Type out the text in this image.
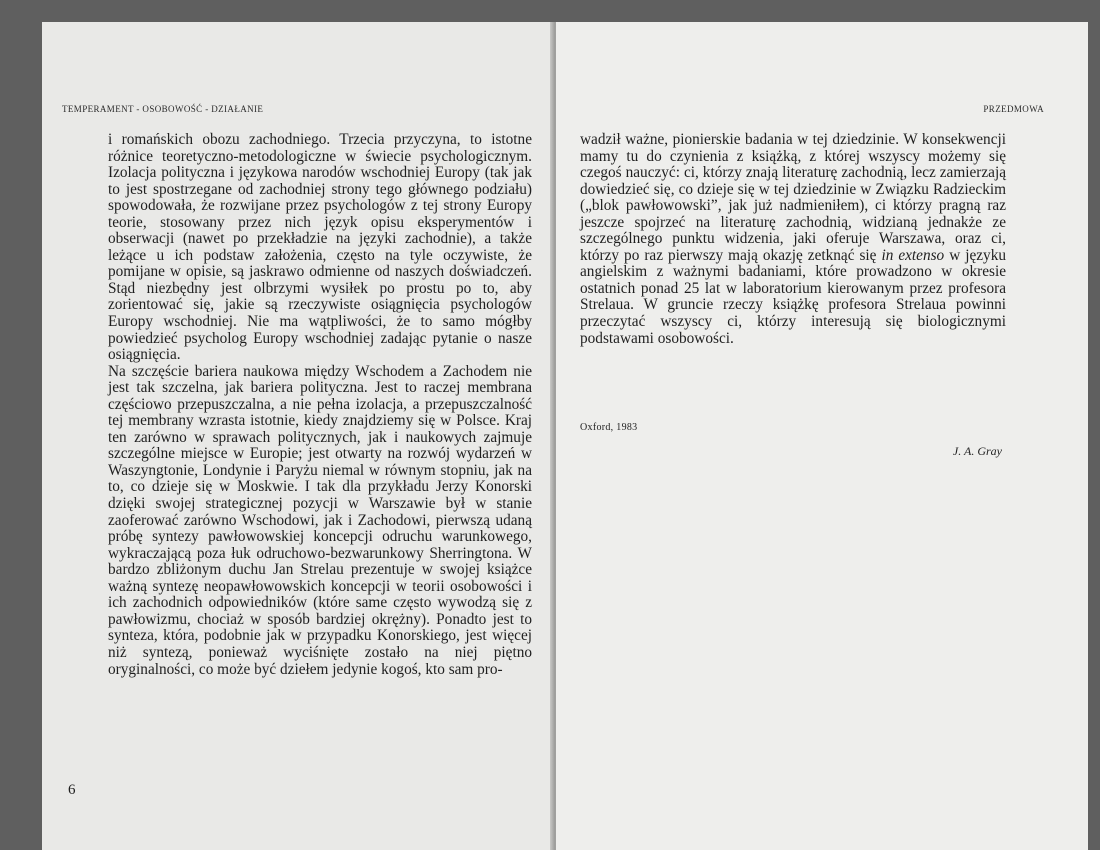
TEMPERAMENT - OSOBOWOŚĆ - DZIAŁANIE

i romańskich obozu zachodniego. Trzecia przyczyna, to istotne różnice teoretyczno-metodologiczne w świecie psychologicznym. Izolacja polityczna i językowa narodów wschodniej Europy (tak jak to jest spostrzegane od zachodniej strony tego głównego podziału) spowodowała, że rozwijane przez psychologów z tej strony Europy teorie, stosowany przez nich język opisu eksperymentów i obserwacji (nawet po przekładzie na języki zachodnie), a także leżące u ich podstaw założenia, często na tyle oczywiste, że pomijane w opisie, są jaskrawo odmienne od naszych doświadczeń. Stąd niezbędny jest olbrzymi wysiłek po prostu po to, aby zorientować się, jakie są rzeczywiste osiągnięcia psychologów Europy wschodniej. Nie ma wątpliwości, że to samo mógłby powiedzieć psycholog Europy wschodniej zadając pytanie o nasze osiągnięcia.

Na szczęście bariera naukowa między Wschodem a Zachodem nie jest tak szczelna, jak bariera polityczna. Jest to raczej membrana częściowo przepuszczalna, a nie pełna izolacja, a przepuszczalność tej membrany wzrasta istotnie, kiedy znajdziemy się w Polsce. Kraj ten zarówno w sprawach politycznych, jak i naukowych zajmuje szczególne miejsce w Europie; jest otwarty na rozwój wydarzeń w Waszyngtonie, Londynie i Paryżu niemal w równym stopniu, jak na to, co dzieje się w Moskwie. I tak dla przykładu Jerzy Konorski dzięki swojej strategicznej pozycji w Warszawie był w stanie zaoferować zarówno Wschodowi, jak i Zachodowi, pierwszą udaną próbę syntezy pawłowowskiej koncepcji odruchu warunkowego, wykraczającą poza łuk odruchowo-bezwarunkowy Sherringtona. W bardzo zbliżonym duchu Jan Strelau prezentuje w swojej książce ważną syntezę neopawłowowskich koncepcji w teorii osobowości i ich zachodnich odpowiedników (które same często wywodzą się z pawłowizmu, chociaż w sposób bardziej okrężny). Ponadto jest to synteza, która, podobnie jak w przypadku Konorskiego, jest więcej niż syntezą, ponieważ wyciśnięte zostało na niej piętno oryginalności, co może być dziełem jedynie kogoś, kto sam pro-

6
PRZEDMOWA

wadził ważne, pionierskie badania w tej dziedzinie. W konsekwencji mamy tu do czynienia z książką, z której wszyscy możemy się czegoś nauczyć: ci, którzy znają literaturę zachodnią, lecz zamierzają dowiedzieć się, co dzieje się w tej dziedzinie w Związku Radzieckim („blok pawłowowski”, jak już nadmieniłem), ci którzy pragną raz jeszcze spojrzeć na literaturę zachodnią, widzianą jednakże ze szczególnego punktu widzenia, jaki oferuje Warszawa, oraz ci, którzy po raz pierwszy mają okazję zetknąć się in extenso w języku angielskim z ważnymi badaniami, które prowadzono w okresie ostatnich ponad 25 lat w laboratorium kierowanym przez profesora Strelaua. W gruncie rzeczy książkę profesora Strelaua powinni przeczytać wszyscy ci, którzy interesują się biologicznymi podstawami osobowości.

Oxford, 1983
J. A. Gray
